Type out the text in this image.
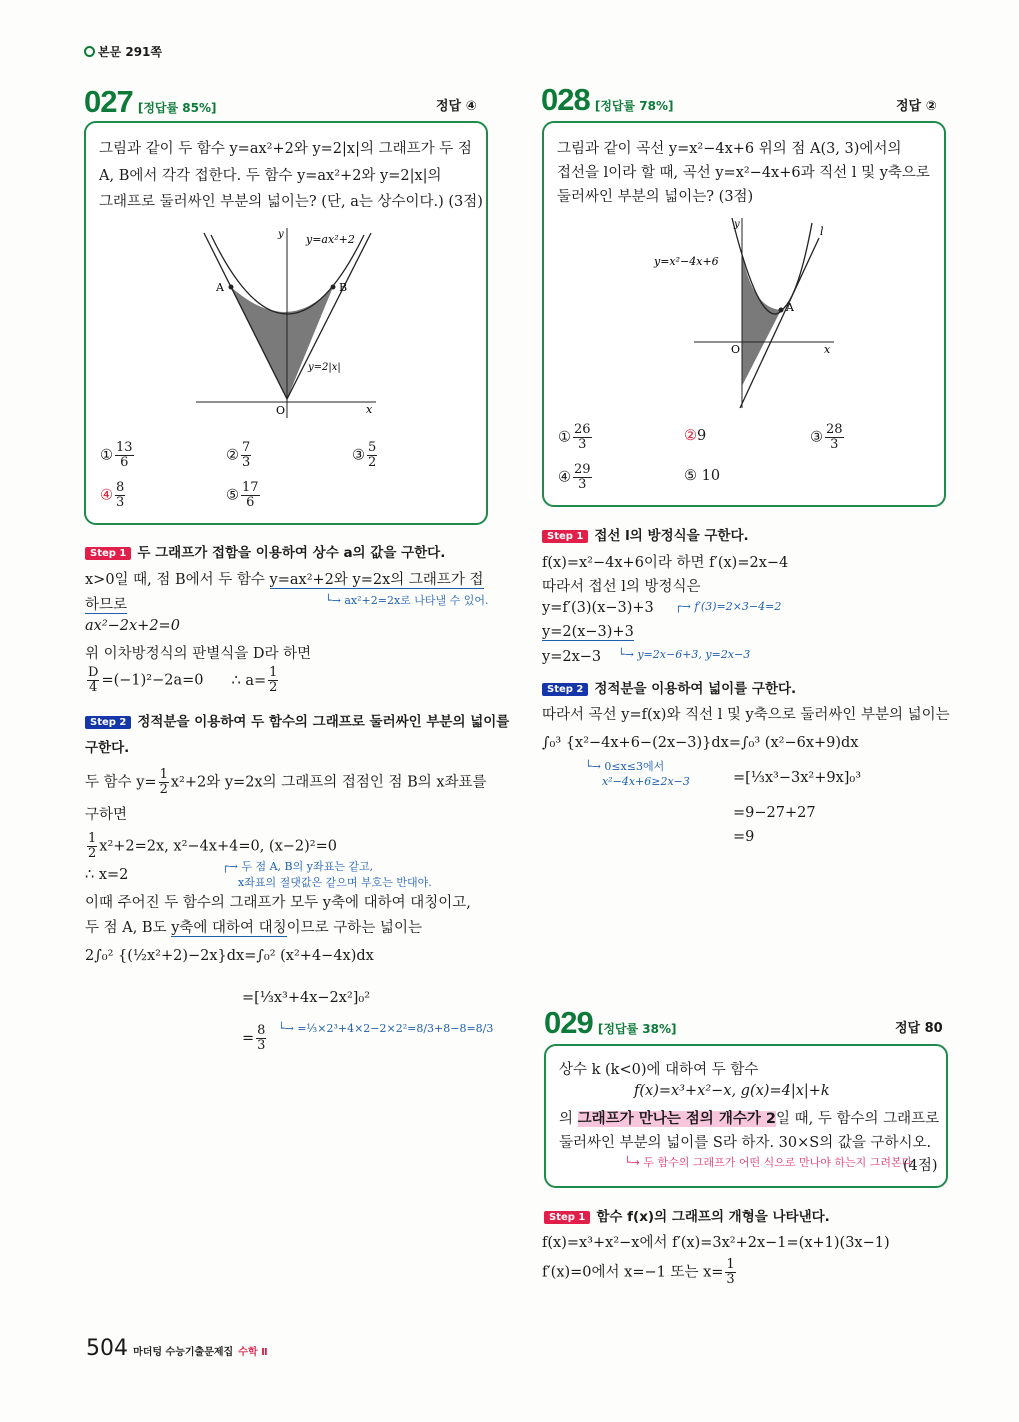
본문 291쪽
027 [정답률 85%]	정답 ④
그림과 같이 두 함수 y=ax²+2와 y=2|x|의 그래프가 두 점
A, B에서 각각 접한다. 두 함수 y=ax²+2와 y=2|x|의
그래프로 둘러싸인 부분의 넓이는? (단, a는 상수이다.) (3점)
A	B
O	x
y y=ax²+2
y=2|x|
① $\frac{13}{6}$	② $\frac{7}{3}$	③ $\frac{5}{2}$
④ $\frac{8}{3}$	⑤ $\frac{17}{6}$
Step 1 두 그래프가 접함을 이용하여 상수 a의 값을 구한다.
x>0일 때, 점 B에서 두 함수 y=ax²+2와 y=2x의 그래프가 접
하므로	└→ ax²+2=2x로 나타낼 수 있어.
ax²−2x+2=0
위 이차방정식의 판별식을 D라 하면
$\frac{D}{4} =(-1)^2-2a=0$ ∴ $a= \frac{1}{2}$
Step 2 정적분을 이용하여 두 함수의 그래프로 둘러싸인 부분의 넓이를
구한다.
두 함수 $y= \frac{1}{2} x^2+2$와 y=2x의 그래프의 접점인 점 B의 x좌표를
구하면
$\frac{1}{2} x^2+2=2x$, x²−4x+4=0, (x−2)²=0
┌→ 두 점 A, B의 y좌표는 같고,
x좌표의 절댓값은 같으며 부호는 반대야.
∴ x=2
이때 주어진 두 함수의 그래프가 모두 y축에 대하여 대칭이고,
두 점 A, B도 y축에 대하여 대칭이므로 구하는 넓이는
2∫₀² {(½x²+2)−2x}dx=∫₀² (x²+4−4x)dx
=[⅓x³+4x−2x²]₀²
= $\frac{8}{3}$ └→ =⅓×2³+4×2−2×2²=8/3+8−8=8/3
028 [정답률 78%]	정답 ②
그림과 같이 곡선 y=x²−4x+6 위의 점 A(3, 3)에서의
접선을 l이라 할 때, 곡선 y=x²−4x+6과 직선 l 및 y축으로
둘러싸인 부분의 넓이는? (3점)
A
l
O	x
y
y=x²−4x+6
① $\frac{26}{3}$	②9	③ $\frac{28}{3}$
④ $\frac{29}{3}$	⑤ 10
Step 1 접선 l의 방정식을 구한다.
f(x)=x²−4x+6이라 하면 f′(x)=2x−4
따라서 접선 l의 방정식은
y=f′(3)(x−3)+3 ┌→ f′(3)=2×3−4=2
y=2(x−3)+3
y=2x−3 └→ y=2x−6+3, y=2x−3
Step 2 정적분을 이용하여 넓이를 구한다.
따라서 곡선 y=f(x)와 직선 l 및 y축으로 둘러싸인 부분의 넓이는
∫₀³ {x²−4x+6−(2x−3)}dx=∫₀³ (x²−6x+9)dx
└→ 0≤x≤3에서
x²−4x+6≥2x−3	=[⅓x³−3x²+9x]₀³
=9−27+27
=9
029 [정답률 38%]	정답 80
상수 k (k<0)에 대하여 두 함수
f(x)=x³+x²−x, g(x)=4|x|+k
의 그래프가 만나는 점의 개수가 2일 때, 두 함수의 그래프로
둘러싸인 부분의 넓이를 S라 하자. 30×S의 값을 구하시오.
└→ 두 함수의 그래프가 어떤 식으로 만나야 하는지 그려본다.
(4점)
Step 1 함수 f(x)의 그래프의 개형을 나타낸다.
f(x)=x³+x²−x에서 f′(x)=3x²+2x−1=(x+1)(3x−1)
f′(x)=0에서 x=−1 또는 $x= \frac{1}{3}$
504 마더텅 수능기출문제집 수학 Ⅱ
